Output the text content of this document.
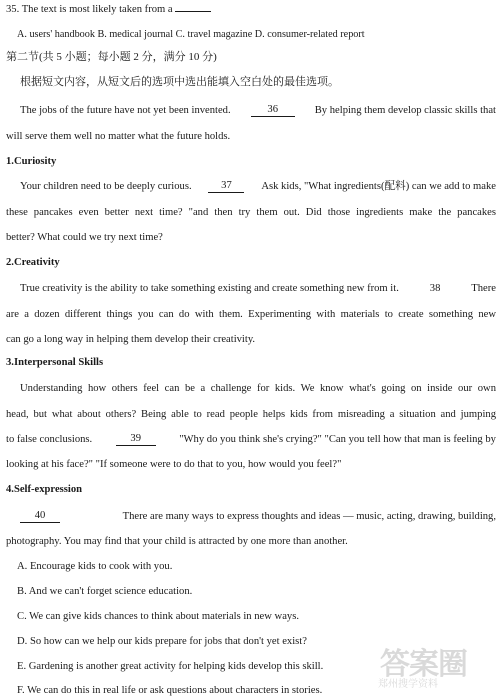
35. The text is most likely taken from a
A. users' handbook B. medical journal C. travel magazine D. consumer-related report
第二节(共 5 小题；每小题 2 分，满分 10 分)
根据短文内容，从短文后的选项中选出能填入空白处的最佳选项。
The jobs of the future have not yet been invented.	36	By helping them develop classic skills that
will serve them well no matter what the future holds.
1.Curiosity
Your children need to be deeply curious.	37	Ask kids, "What ingredients(配料) can we add to make
these pancakes even better next time? "and then try them out. Did those ingredients make the pancakes
better? What could we try next time?
2.Creativity
True creativity is the ability to take something existing and create something new from it.	38	There
are a dozen different things you can do with them. Experimenting with materials to create something new
can go a long way in helping them develop their creativity.
3.Interpersonal Skills
Understanding how others feel can be a challenge for kids. We know what's going on inside our own
head, but what about others? Being able to read people helps kids from misreading a situation and jumping
to false conclusions.	39	"Why do you think she's crying?" "Can you tell how that man is feeling by
looking at his face?" "If someone were to do that to you, how would you feel?"
4.Self-expression
40	There are many ways to express thoughts and ideas — music, acting, drawing, building,
photography. You may find that your child is attracted by one more than another.
A. Encourage kids to cook with you.
B. And we can't forget science education.
C. We can give kids chances to think about materials in new ways.
D. So how can we help our kids prepare for jobs that don't yet exist?
E. Gardening is another great activity for helping kids develop this skill.
F. We can do this in real life or ask questions about characters in stories.
答案圈
郑州搜学资料
